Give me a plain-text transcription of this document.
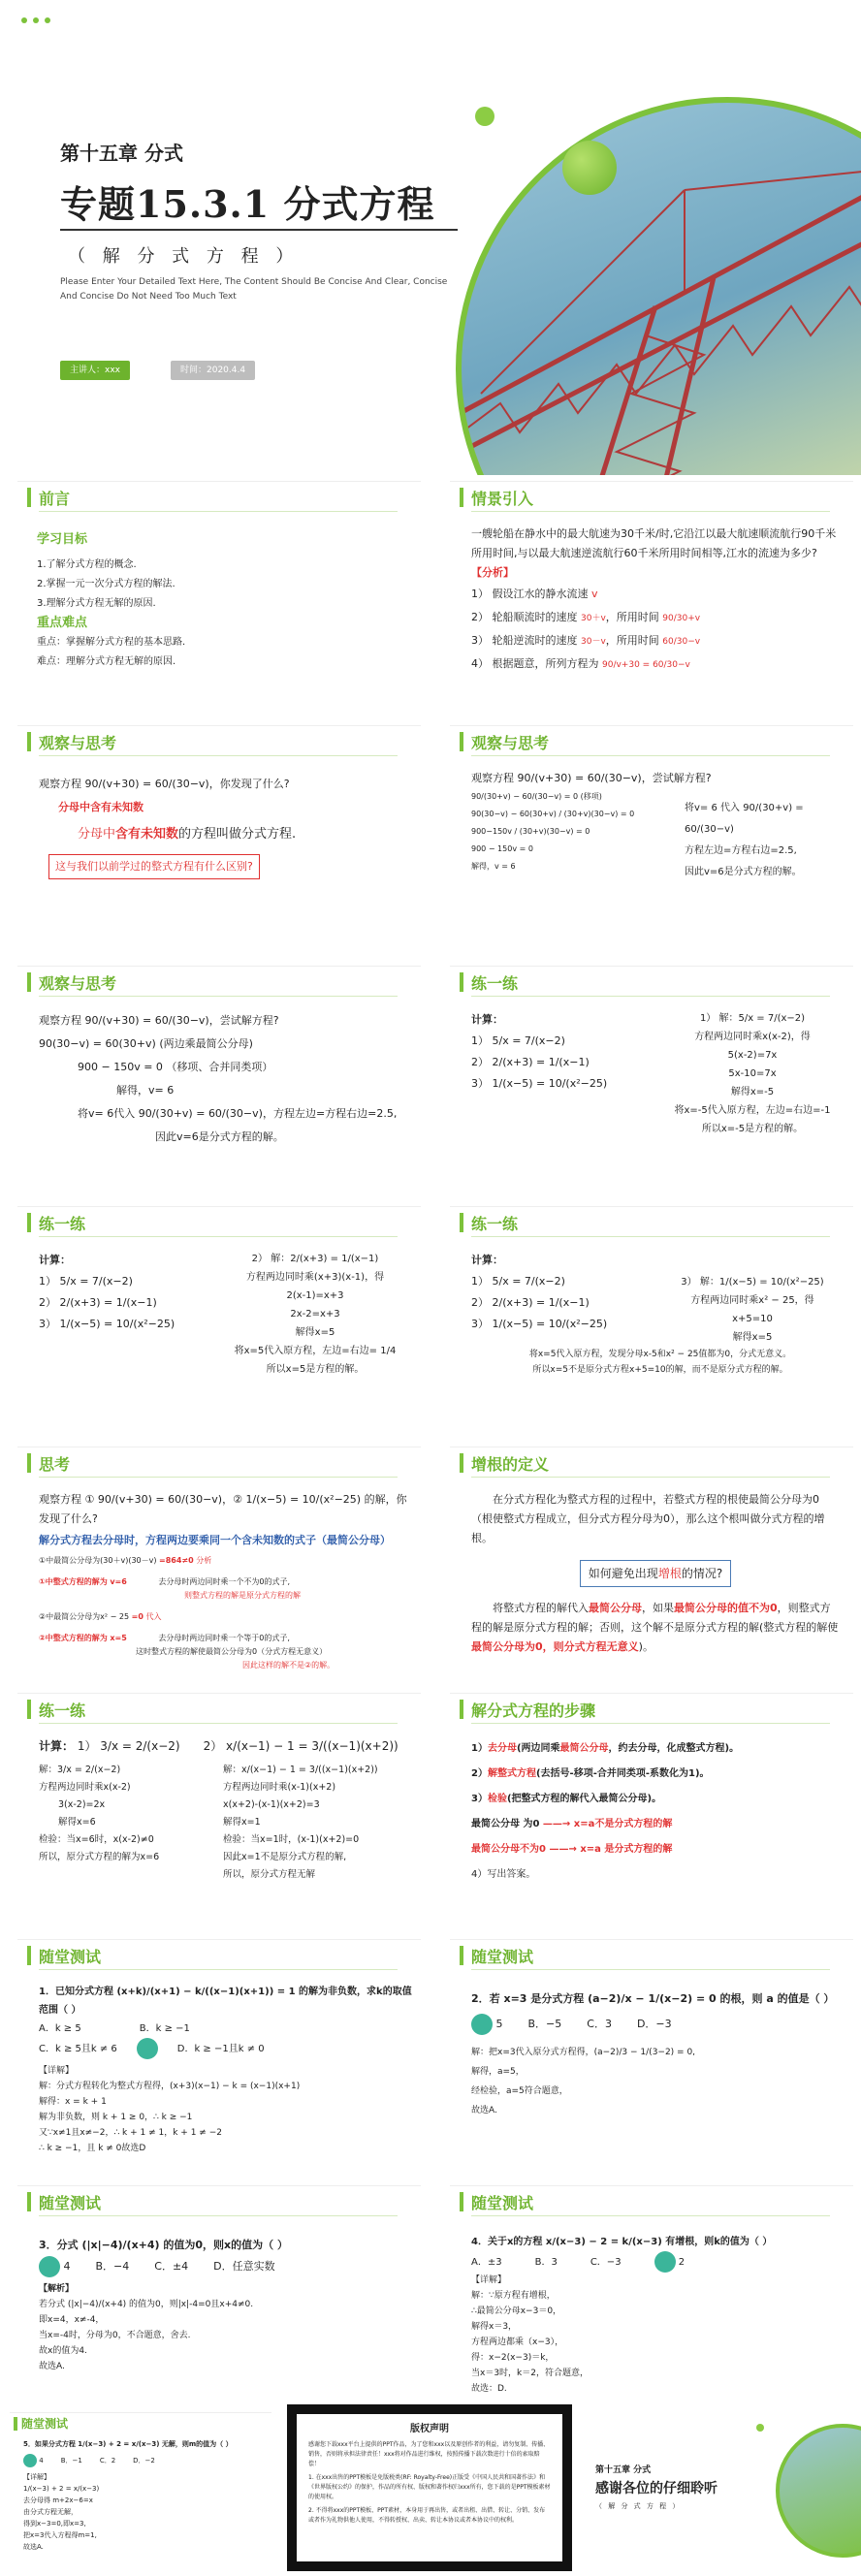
第十五章 分式
专题15.3.1 分式方程
（ 解 分 式 方 程 ）
Please Enter Your Detailed Text Here, The Content Should Be Concise And Clear, Concise And Concise Do Not Need Too Much Text
主讲人：xxx	时间：2020.4.4
前言
学习目标
1.了解分式方程的概念.
2.掌握一元一次分式方程的解法.
3.理解分式方程无解的原因.
重点难点
重点：掌握解分式方程的基本思路.
难点：理解分式方程无解的原因.
情景引入
一艘轮船在静水中的最大航速为30千米/时,它沿江以最大航速顺流航行90千米所用时间,与以最大航速逆流航行60千米所用时间相等,江水的流速为多少?
【分析】
1） 假设江水的静水流速 v
2） 轮船顺流时的速度 30＋v，所用时间 90/30+v
3） 轮船逆流时的速度 30－v，所用时间 60/30−v
4） 根据题意，所列方程为 90/v+30 = 60/30−v
观察与思考
观察方程 90/(v+30) = 60/(30−v)，你发现了什么?
分母中含有未知数
分母中含有未知数的方程叫做分式方程.
这与我们以前学过的整式方程有什么区别?
观察与思考
观察方程 90/(v+30) = 60/(30−v)，尝试解方程?
90/(30+v) − 60/(30−v) = 0 (移项)
90(30−v) − 60(30+v) / (30+v)(30−v) = 0
900−150v / (30+v)(30−v) = 0
900 − 150v = 0
解得，v = 6
将v= 6 代入 90/(30+v) = 60/(30−v)
方程左边=方程右边=2.5,
因此v=6是分式方程的解。
观察与思考
观察方程 90/(v+30) = 60/(30−v)，尝试解方程?
90(30−v) = 60(30+v) (两边乘最简公分母)
900 − 150v = 0 （移项、合并同类项）
解得，v= 6
将v= 6代入 90/(30+v) = 60/(30−v)，方程左边=方程右边=2.5,
因此v=6是分式方程的解。
练一练
计算：
1） 5/x = 7/(x−2)
2） 2/(x+3) = 1/(x−1)
3） 1/(x−5) = 10/(x²−25)
1） 解：5/x = 7/(x−2)
方程两边同时乘x(x-2)，得
5(x-2)=7x
5x-10=7x
解得x=-5
将x=-5代入原方程，左边=右边=-1
所以x=-5是方程的解。
练一练
计算：
1） 5/x = 7/(x−2)
2） 2/(x+3) = 1/(x−1)
3） 1/(x−5) = 10/(x²−25)
2） 解：2/(x+3) = 1/(x−1)
方程两边同时乘(x+3)(x-1)，得
2(x-1)=x+3
2x-2=x+3
解得x=5
将x=5代入原方程，左边=右边= 1/4
所以x=5是方程的解。
练一练
计算：
1） 5/x = 7/(x−2)
2） 2/(x+3) = 1/(x−1)
3） 1/(x−5) = 10/(x²−25)
3） 解：1/(x−5) = 10/(x²−25)
方程两边同时乘x² − 25，得
x+5=10
解得x=5
将x=5代入原方程，发现分母x-5和x² − 25值都为0，分式无意义。
所以x=5不是原分式方程x+5=10的解，而不是原分式方程的解。
思考
观察方程 ① 90/(v+30) = 60/(30−v)，② 1/(x−5) = 10/(x²−25) 的解，你发现了什么?
解分式方程去分母时，方程两边要乘同一个含未知数的式子（最简公分母）
①中最简公分母为(30＋v)(30－v) =864≠0 分析
①中整式方程的解为 v=6	去分母时两边同时乘一个不为0的式子,
则整式方程的解是原分式方程的解
②中最简公分母为x² − 25 =0 代入
②中整式方程的解为 x=5	去分母时两边同时乘一个等于0的式子,
这时整式方程的解使最简公分母为0（分式方程无意义）
因此这样的解不是②的解。
增根的定义
在分式方程化为整式方程的过程中，若整式方程的根使最简公分母为0（根使整式方程成立，但分式方程分母为0），那么这个根叫做分式方程的增根。
如何避免出现增根的情况?
将整式方程的解代入最简公分母，如果最简公分母的值不为0，则整式方程的解是原分式方程的解；否则，这个解不是原分式方程的解(整式方程的解使最简公分母为0，则分式方程无意义)。
练一练
计算： 1） 3/x = 2/(x−2)　　 2） x/(x−1) − 1 = 3/((x−1)(x+2))
解：3/x = 2/(x−2)
方程两边同时乘x(x-2)
3(x-2)=2x
解得x=6
检验：当x=6时，x(x-2)≠0
所以，原分式方程的解为x=6
解：x/(x−1) − 1 = 3/((x−1)(x+2))
方程两边同时乘(x-1)(x+2)
x(x+2)-(x-1)(x+2)=3
解得x=1
检验：当x=1时，(x-1)(x+2)=0
因此x=1不是原分式方程的解,
所以，原分式方程无解
解分式方程的步骤
1）去分母(两边同乘最简公分母，约去分母，化成整式方程)。
2）解整式方程(去括号-移项-合并同类项-系数化为1)。
3）检验(把整式方程的解代入最简公分母)。
最简公分母 为0 ——→ x=a不是分式方程的解
最简公分母不为0 ——→ x=a 是分式方程的解
4）写出答案。
随堂测试
1．已知分式方程 (x+k)/(x+1) − k/((x−1)(x+1)) = 1 的解为非负数，求k的取值范围（ ）
A．k ≥ 5	B．k ≥ −1
C．k ≥ 5且k ≠ 6	D．k ≥ −1且k ≠ 0
【详解】
解：分式方程转化为整式方程得，(x+3)(x−1) − k = (x−1)(x+1)
解得：x = k + 1
解为非负数，则 k + 1 ≥ 0，∴ k ≥ −1
又∵x≠1且x≠−2，∴ k + 1 ≠ 1，k + 1 ≠ −2
∴ k ≥ −1，且 k ≠ 0故选D
随堂测试
2．若 x=3 是分式方程 (a−2)/x − 1/(x−2) = 0 的根，则 a 的值是（ ）
5 B．−5 C．3 D．−3
解：把x=3代入原分式方程得，(a−2)/3 − 1/(3−2) = 0,
解得，a=5，
经检验，a=5符合题意，
故选A.
随堂测试
3．分式 (|x|−4)/(x+4) 的值为0，则x的值为（ ）
4 B．−4 C．±4 D．任意实数
【解析】
若分式 (|x|−4)/(x+4) 的值为0，则|x|-4=0且x+4≠0.
即x=4，x≠-4，
当x=-4时，分母为0，不合题意，舍去.
故x的值为4.
故选A.
随堂测试
4．关于x的方程 x/(x−3) − 2 = k/(x−3) 有增根，则k的值为（ ）
A．±3	B．3	C．−3	2
【详解】
解：∵原方程有增根，
∴最简公分母x−3＝0，
解得x＝3，
方程两边都乘（x−3），
得：x−2(x−3)＝k，
当x＝3时，k＝2，符合题意，
故选：D.
随堂测试
5．如果分式方程 1/(x−3) + 2 = x/(x−3) 无解，则m的值为（ ）
4	B．−1	C．2	D．−2
【详解】
1/(x−3) + 2 = x/(x−3)
去分母得 m+2x−6=x
由分式方程无解，
得到x−3=0,即x=3,
把x=3代入方程得m=1,
故选A.
版权声明
感谢您下载xxx平台上提供的PPT作品，为了您和xxx以及原创作者的利益，请勿复制、传播、销售，否则将承担法律责任！xxx将对作品进行维权，按照传播下载次数进行十倍的索取赔偿！
1. 在xxx出售的PPT模板是免版税类(RF: Royalty-Free)正版受《中国人民共和国著作法》和《世界版权公约》的保护，作品的所有权、版权和著作权归xxx所有，您下载的是PPT模板素材的使用权。
2. 不得将xxx的PPT模板、PPT素材，本身用于再出售，或者出租、出借、转让、分销、发布或者作为礼物供他人使用，不得转授权、出卖、转让本协议或者本协议中的权利。
第十五章 分式
感谢各位的仔细聆听
（ 解 分 式 方 程 ）
